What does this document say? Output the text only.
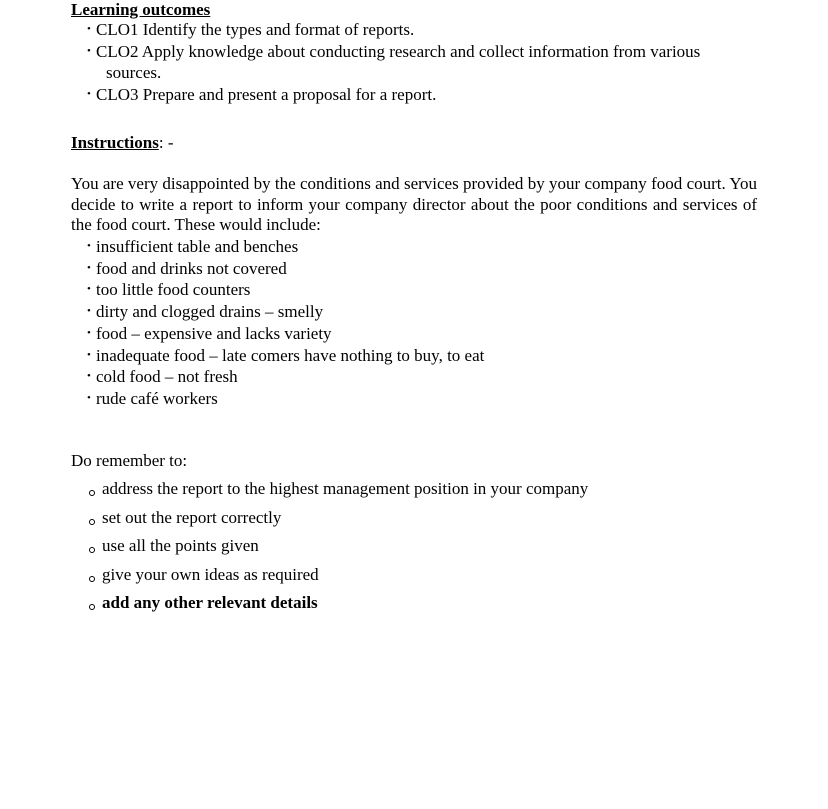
Learning outcomes

• CLO1 Identify the types and format of reports.
• CLO2 Apply knowledge about conducting research and collect information from various
sources.
• CLO3 Prepare and present a proposal for a report.

Instructions: -

You are very disappointed by the conditions and services provided by your company food court. You decide to write a report to inform your company director about the poor conditions and services of the food court. These would include:

• insufficient table and benches
• food and drinks not covered
• too little food counters
• dirty and clogged drains – smelly
• food – expensive and lacks variety
• inadequate food – late comers have nothing to buy, to eat
• cold food – not fresh
• rude café workers

Do remember to:

address the report to the highest management position in your company
set out the report correctly
use all the points given
give your own ideas as required
add any other relevant details
